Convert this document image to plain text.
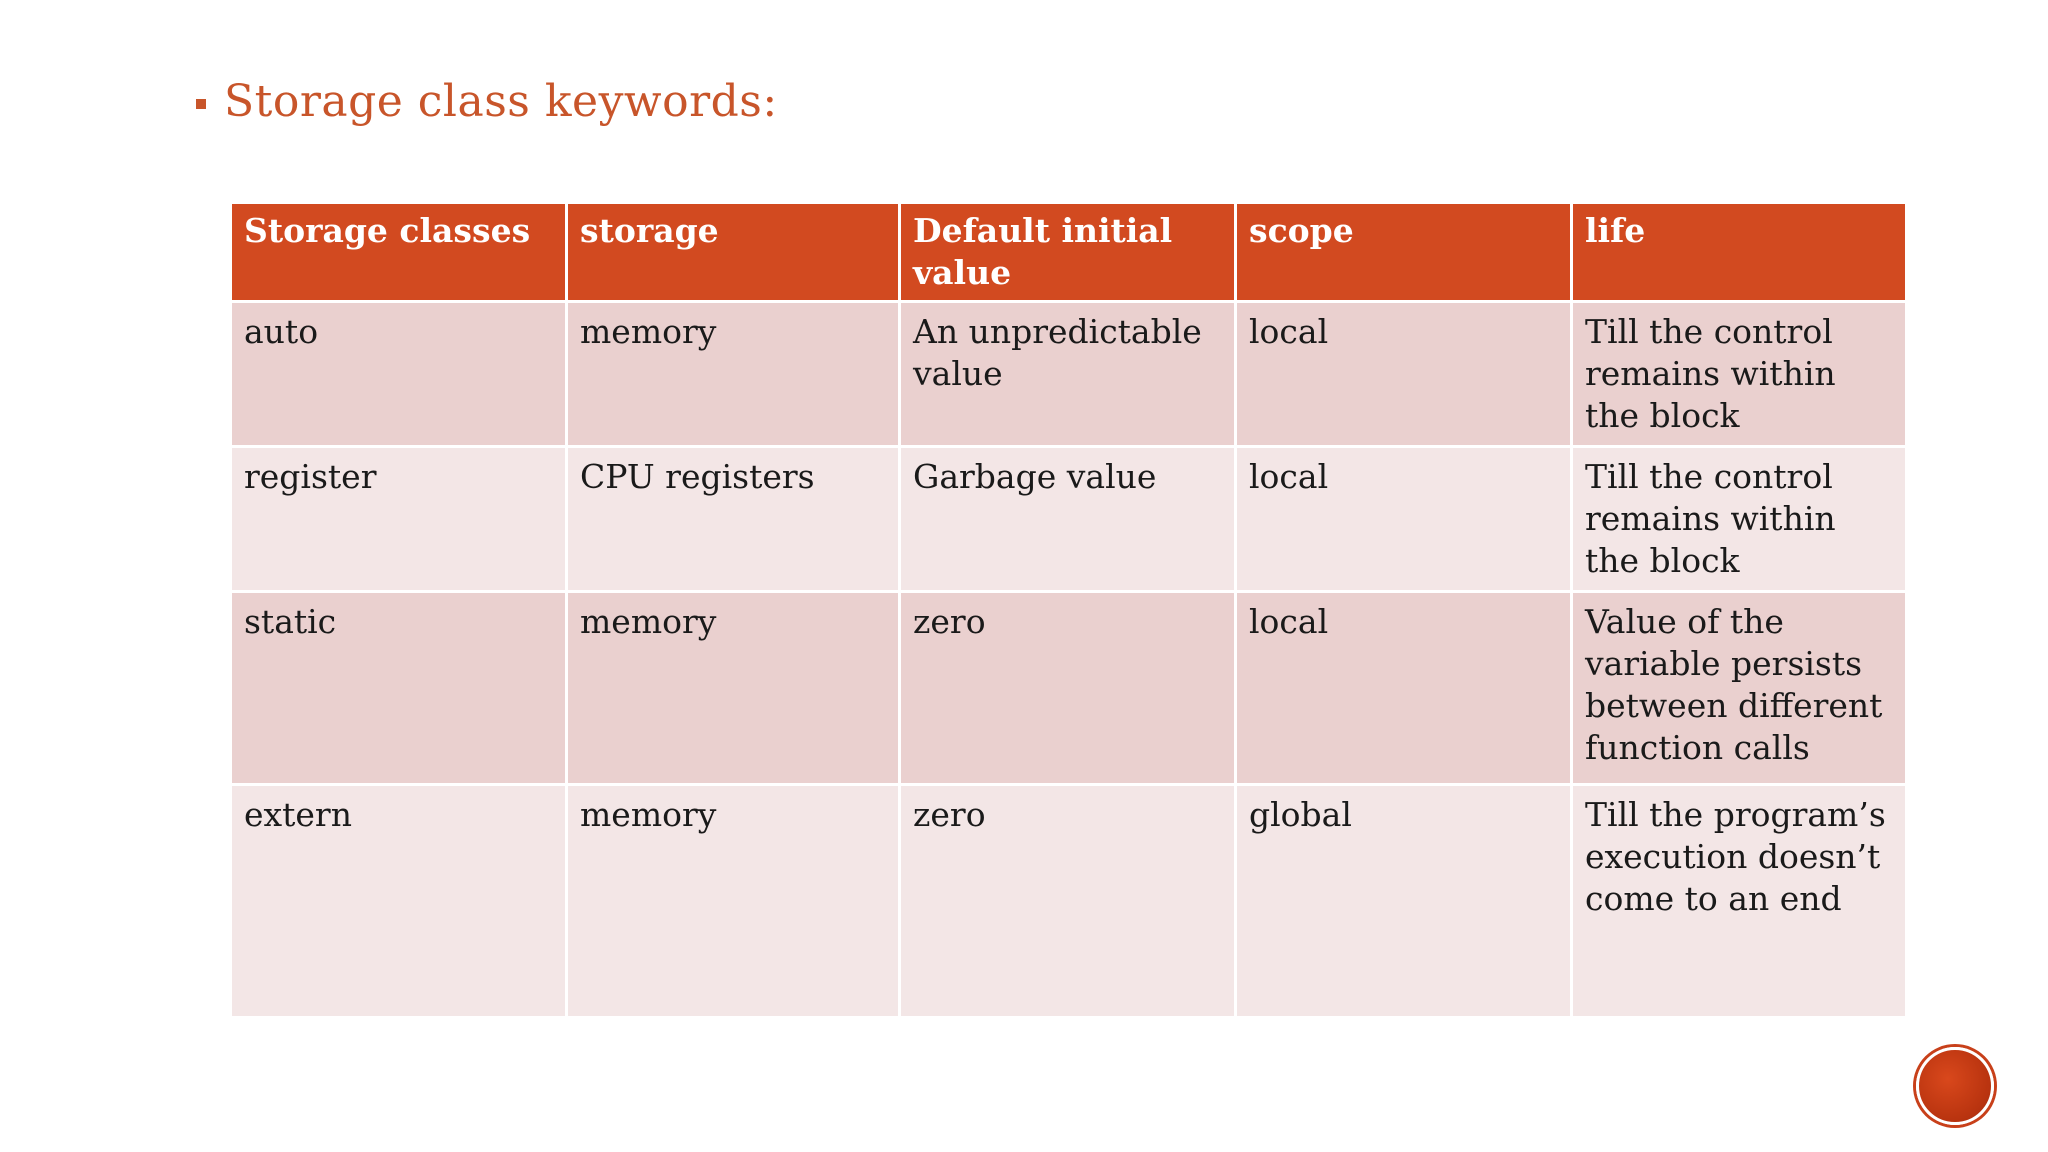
Storage class keywords:
Storage classes	storage	Default initial value	scope	life
auto	memory	An unpredictable value	local	Till the control remains within the block
register	CPU registers	Garbage value	local	Till the control remains within the block
static	memory	zero	local	Value of the variable persists between different function calls
extern	memory	zero	global	Till the program’s execution doesn’t come to an end
